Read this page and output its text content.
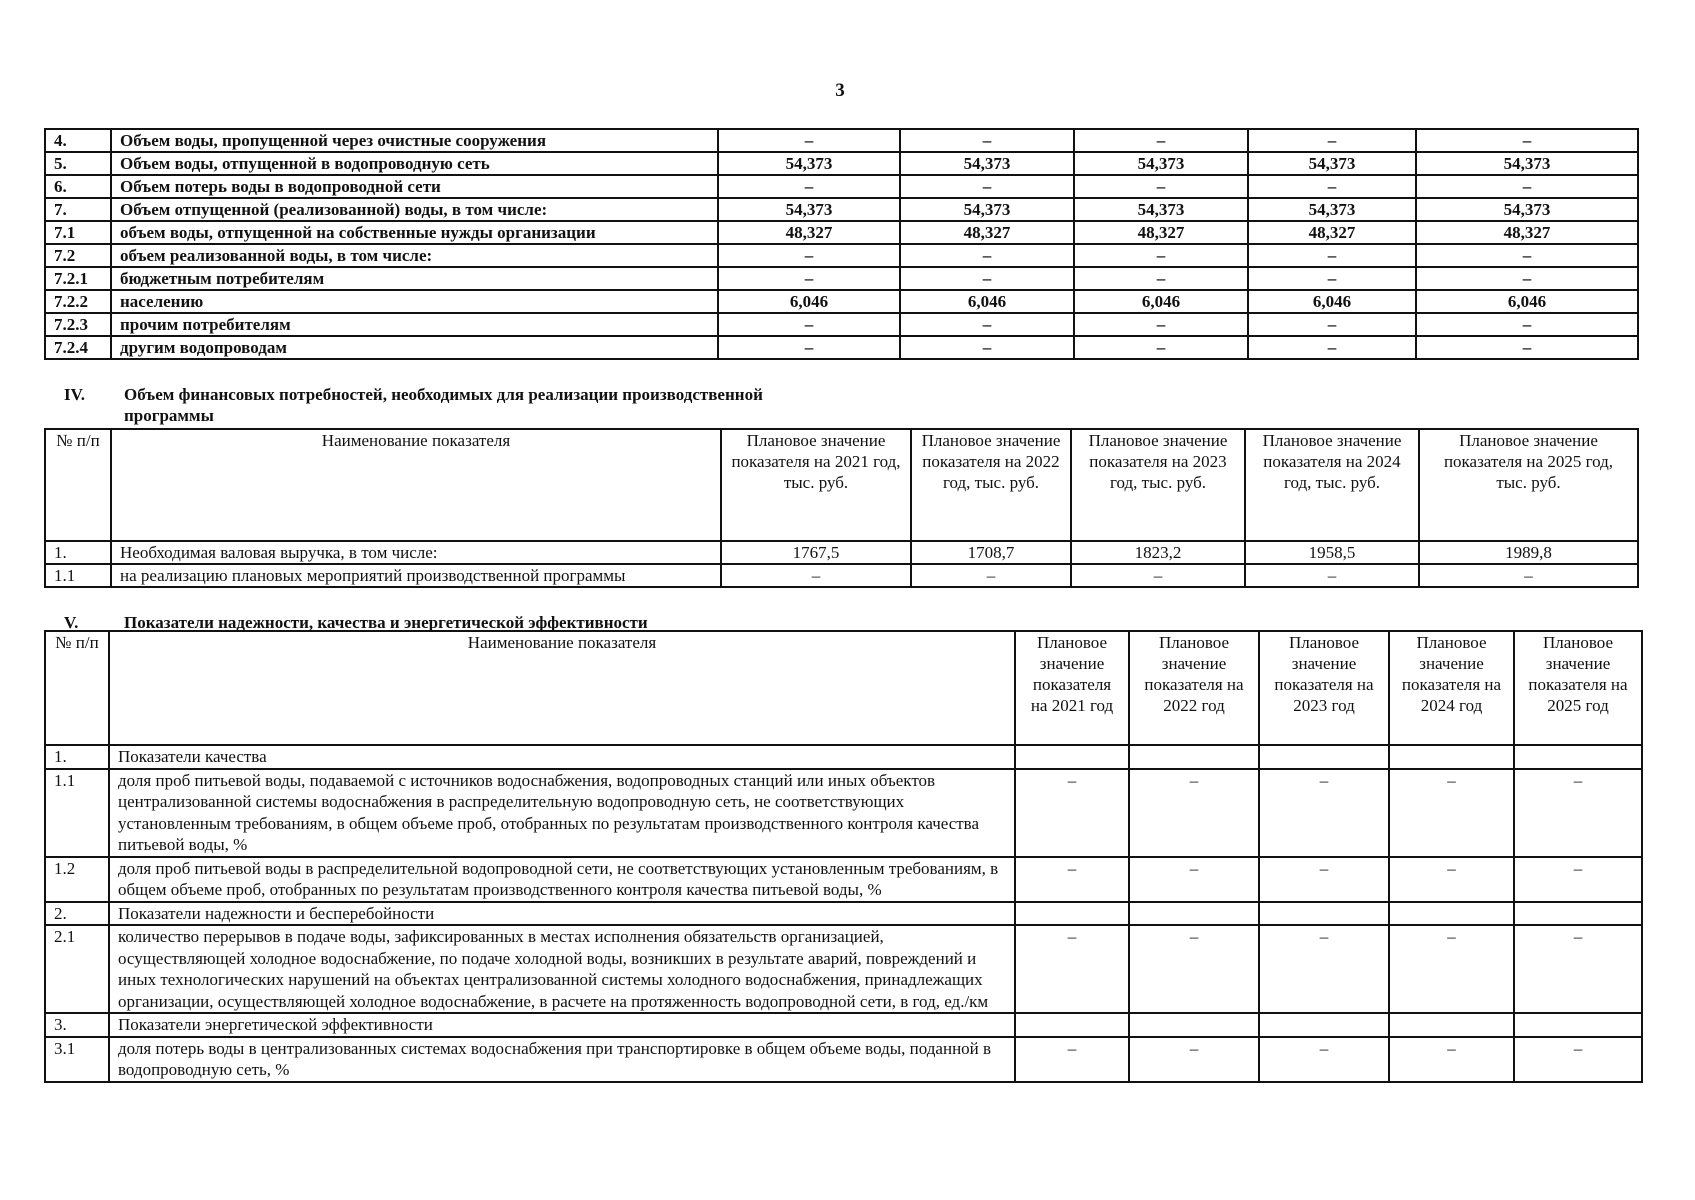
3
4.	Объем воды, пропущенной через очистные сооружения	–	–	–	–	–
5.	Объем воды, отпущенной в водопроводную сеть	54,373	54,373	54,373	54,373	54,373
6.	Объем потерь воды в водопроводной сети	–	–	–	–	–
7.	Объем отпущенной (реализованной) воды, в том числе:	54,373	54,373	54,373	54,373	54,373
7.1	объем воды, отпущенной на собственные нужды организации	48,327	48,327	48,327	48,327	48,327
7.2	объем реализованной воды, в том числе:	–	–	–	–	–
7.2.1	бюджетным потребителям	–	–	–	–	–
7.2.2	населению	6,046	6,046	6,046	6,046	6,046
7.2.3	прочим потребителям	–	–	–	–	–
7.2.4	другим водопроводам	–	–	–	–	–
IV. Объем финансовых потребностей, необходимых для реализации производственной
программы
№ п/п	Наименование показателя	Плановое значение показателя на 2021 год, тыс. руб.	Плановое значение показателя на 2022 год, тыс. руб.	Плановое значение показателя на 2023 год, тыс. руб.	Плановое значение показателя на 2024 год, тыс. руб.	Плановое значение показателя на 2025 год, тыс. руб.
1.	Необходимая валовая выручка, в том числе:	1767,5	1708,7	1823,2	1958,5	1989,8
1.1	на реализацию плановых мероприятий производственной программы	–	–	–	–	–
V.	Показатели надежности, качества и энергетической эффективности
№ п/п	Наименование показателя	Плановое значение показателя на 2021 год	Плановое значение показателя на 2022 год	Плановое значение показателя на 2023 год	Плановое значение показателя на 2024 год	Плановое значение показателя на 2025 год
1.	Показатели качества					
1.1	доля проб питьевой воды, подаваемой с источников водоснабжения, водопроводных станций или иных объектов централизованной системы водоснабжения в распределительную водопроводную сеть, не соответствующих установленным требованиям, в общем объеме проб, отобранных по результатам производственного контроля качества питьевой воды, %	–	–	–	–	–
1.2	доля проб питьевой воды в распределительной водопроводной сети, не соответствующих установленным требованиям, в общем объеме проб, отобранных по результатам производственного контроля качества питьевой воды, %	–	–	–	–	–
2.	Показатели надежности и бесперебойности					
2.1	количество перерывов в подаче воды, зафиксированных в местах исполнения обязательств организацией, осуществляющей холодное водоснабжение, по подаче холодной воды, возникших в результате аварий, повреждений и иных технологических нарушений на объектах централизованной системы холодного водоснабжения, принадлежащих организации, осуществляющей холодное водоснабжение, в расчете на протяженность водопроводной сети, в год, ед./км	–	–	–	–	–
3.	Показатели энергетической эффективности					
3.1	доля потерь воды в централизованных системах водоснабжения при транспортировке в общем объеме воды, поданной в водопроводную сеть, %	–	–	–	–	–
